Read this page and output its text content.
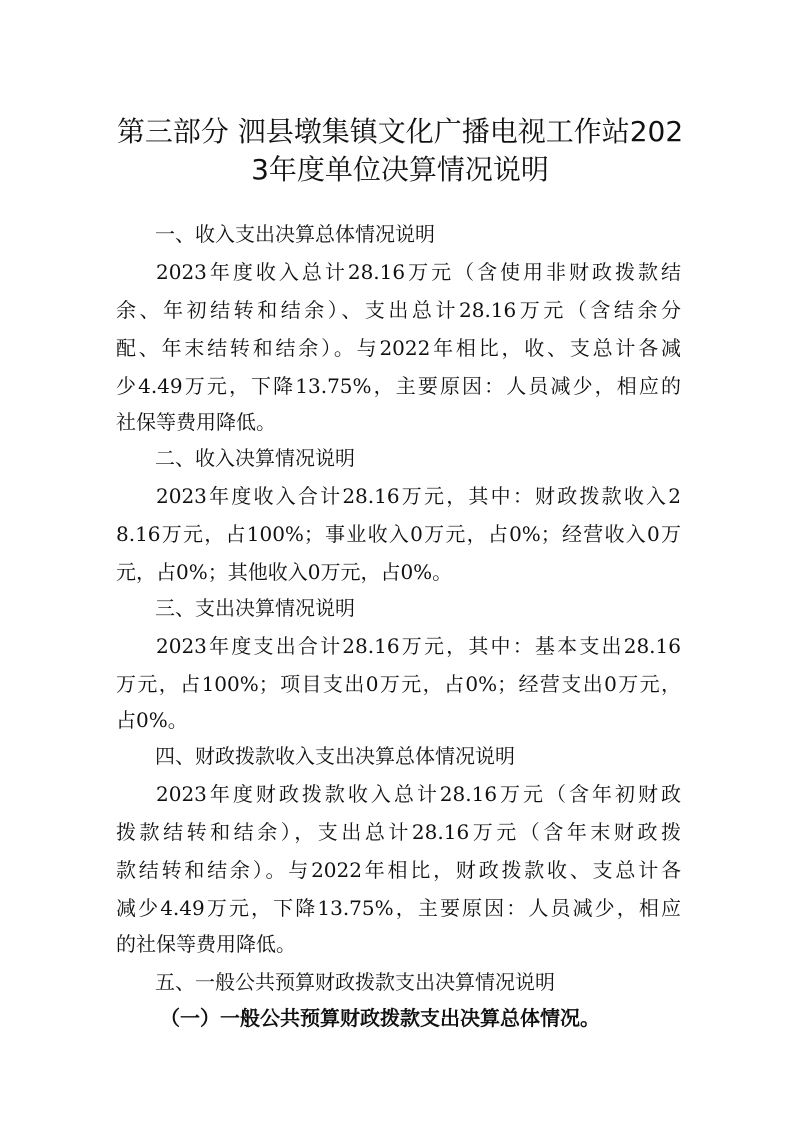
第三部分 泗县墩集镇文化广播电视工作站202
3年度单位决算情况说明
一、收入支出决算总体情况说明
2023年度收入总计28.16万元（含使用非财政拨款结
余、年初结转和结余）、支出总计28.16万元（含结余分
配、年末结转和结余）。与2022年相比，收、支总计各减
少4.49万元，下降13.75%，主要原因：人员减少，相应的
社保等费用降低。
二、收入决算情况说明
2023年度收入合计28.16万元，其中：财政拨款收入2
8.16万元，占100%；事业收入0万元，占0%；经营收入0万
元，占0%；其他收入0万元，占0%。
三、支出决算情况说明
2023年度支出合计28.16万元，其中：基本支出28.16
万元，占100%；项目支出0万元，占0%；经营支出0万元，
占0%。
四、财政拨款收入支出决算总体情况说明
2023年度财政拨款收入总计28.16万元（含年初财政
拨款结转和结余），支出总计28.16万元（含年末财政拨
款结转和结余）。与2022年相比，财政拨款收、支总计各
减少4.49万元，下降13.75%，主要原因：人员减少，相应
的社保等费用降低。
五、一般公共预算财政拨款支出决算情况说明
（一）一般公共预算财政拨款支出决算总体情况。
